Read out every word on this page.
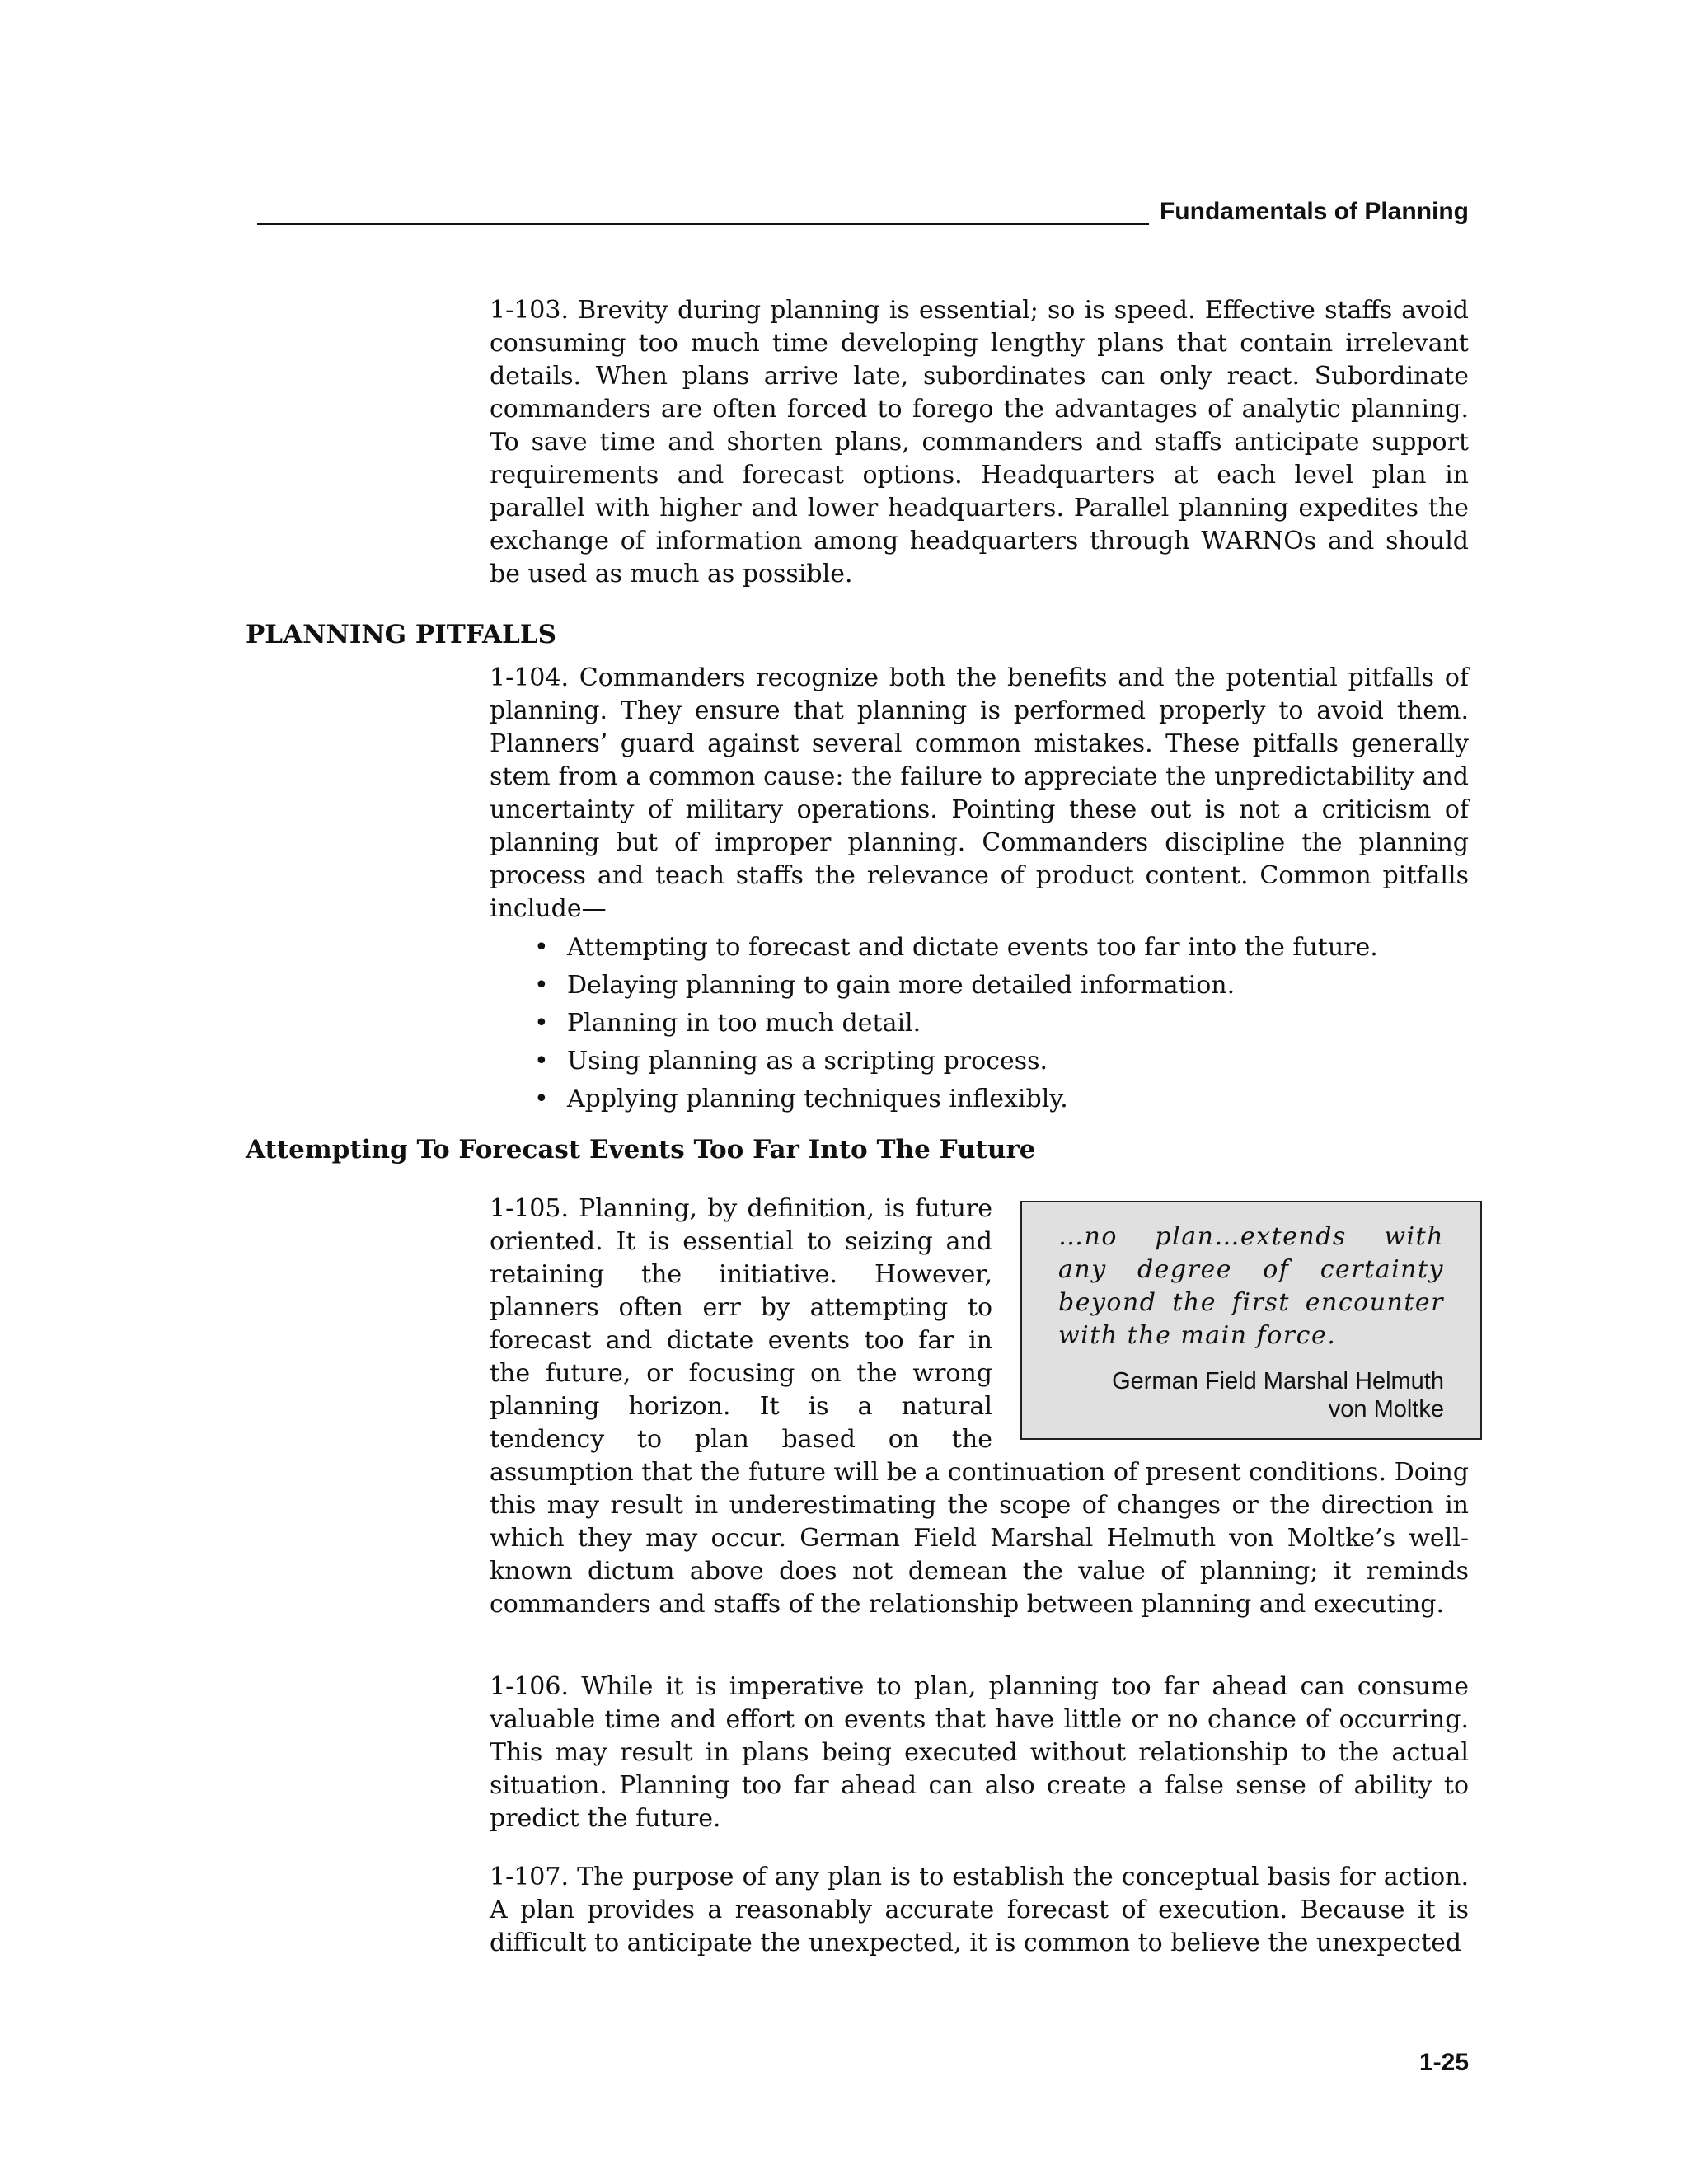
Fundamentals of Planning
1-103. Brevity during planning is essential; so is speed. Effective staffs avoid consuming too much time developing lengthy plans that contain irrelevant details. When plans arrive late, subordinates can only react. Subordinate commanders are often forced to forego the advantages of analytic planning. To save time and shorten plans, commanders and staffs anticipate support requirements and forecast options. Headquarters at each level plan in parallel with higher and lower headquarters. Parallel planning expedites the exchange of information among headquarters through WARNOs and should be used as much as possible.
PLANNING PITFALLS
1-104. Commanders recognize both the benefits and the potential pitfalls of planning. They ensure that planning is performed properly to avoid them. Planners’ guard against several common mistakes. These pitfalls generally stem from a common cause: the failure to appreciate the unpredictability and uncertainty of military operations. Pointing these out is not a criticism of planning but of improper planning. Commanders discipline the planning process and teach staffs the relevance of product content. Common pitfalls include—
• Attempting to forecast and dictate events too far into the future.
• Delaying planning to gain more detailed information.
• Planning in too much detail.
• Using planning as a scripting process.
• Applying planning techniques inflexibly.
Attempting To Forecast Events Too Far Into The Future
…no plan…extends with any degree of certainty beyond the first encounter with the main force.
German Field Marshal Helmuth
von Moltke
1-105. Planning, by definition, is future oriented. It is essential to seizing and retaining the initiative. However, planners often err by attempting to forecast and dictate events too far in the future, or focusing on the wrong planning horizon. It is a natural tendency to plan based on the assumption that the future will be a continuation of present conditions. Doing this may result in underestimating the scope of changes or the direction in which they may occur. German Field Marshal Helmuth von Moltke’s well-known dictum above does not demean the value of planning; it reminds commanders and staffs of the relationship between planning and executing.
1-106. While it is imperative to plan, planning too far ahead can consume valuable time and effort on events that have little or no chance of occurring. This may result in plans being executed without relationship to the actual situation. Planning too far ahead can also create a false sense of ability to predict the future.
1-107. The purpose of any plan is to establish the conceptual basis for action. A plan provides a reasonably accurate forecast of execution. Because it is difficult to anticipate the unexpected, it is common to believe the unexpected
1-25
